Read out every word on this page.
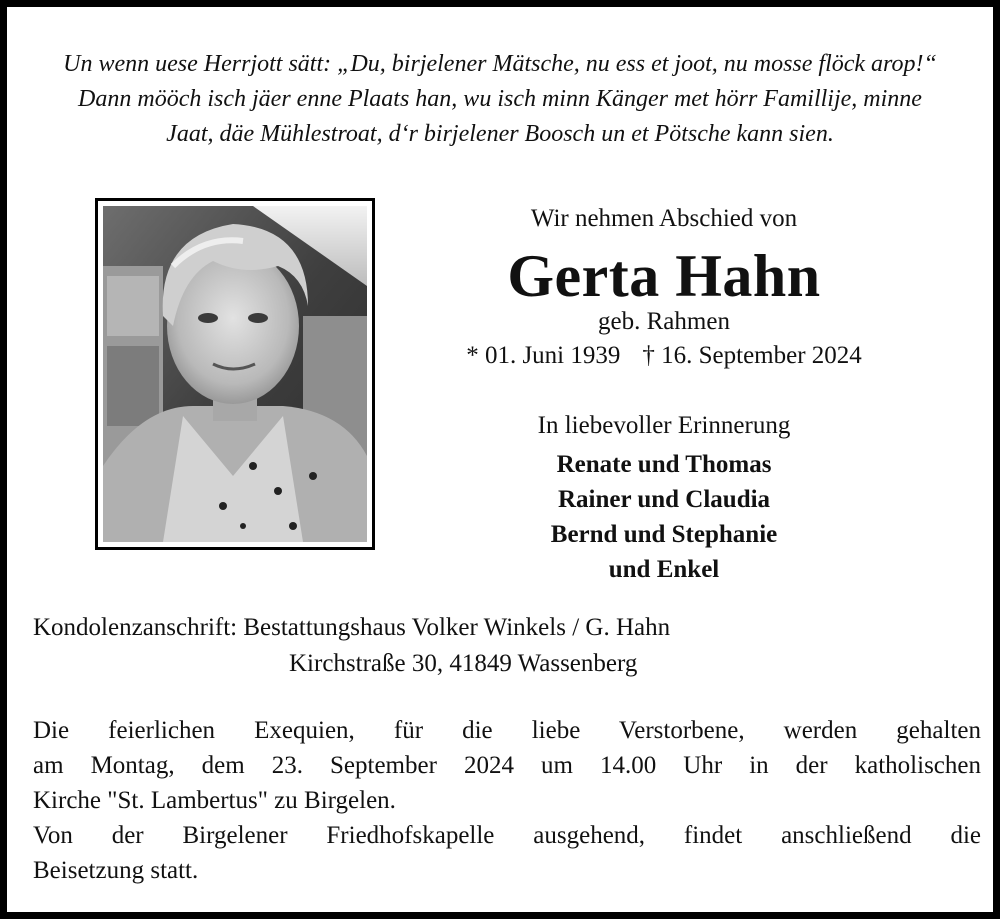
Un wenn uese Herrjott sätt: „Du, birjelener Mätsche, nu ess et joot, nu mosse flöck arop!“
Dann mööch isch jäer enne Plaats han, wu isch minn Känger met hörr Famillije, minne
Jaat, däe Mühlestroat, d‘r birjelener Boosch un et Pötsche kann sien.
Wir nehmen Abschied von
Gerta Hahn
geb. Rahmen
* 01. Juni 1939 † 16. September 2024
In liebevoller Erinnerung
Renate und Thomas
Rainer und Claudia
Bernd und Stephanie
und Enkel
Kondolenzanschrift: Bestattungshaus Volker Winkels / G. Hahn
Kirchstraße 30, 41849 Wassenberg
Die feierlichen Exequien, für die liebe Verstorbene, werden gehalten
am Montag, dem 23. September 2024 um 14.00 Uhr in der katholischen
Kirche "St. Lambertus" zu Birgelen.
Von der Birgelener Friedhofskapelle ausgehend, findet anschließend die
Beisetzung statt.
